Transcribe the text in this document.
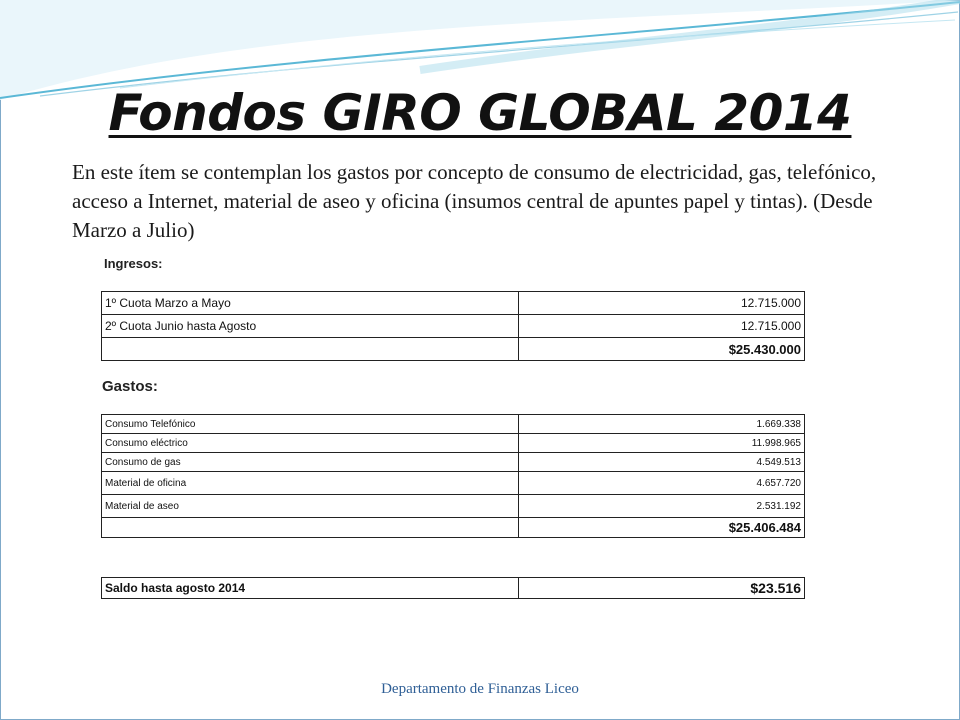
Fondos GIRO GLOBAL 2014
En este ítem se contemplan los gastos por concepto de consumo de electricidad, gas, telefónico, acceso a Internet, material de aseo y oficina (insumos central de apuntes papel y tintas). (Desde Marzo a Julio)
Ingresos:
1º Cuota Marzo a Mayo	12.715.000
2º Cuota Junio hasta Agosto	12.715.000
	$25.430.000
Gastos:
Consumo Telefónico	1.669.338
Consumo eléctrico	11.998.965
Consumo de gas	4.549.513
Material de oficina	4.657.720
Material de aseo	2.531.192
	$25.406.484
Saldo hasta agosto 2014	$23.516
Departamento de Finanzas Liceo
